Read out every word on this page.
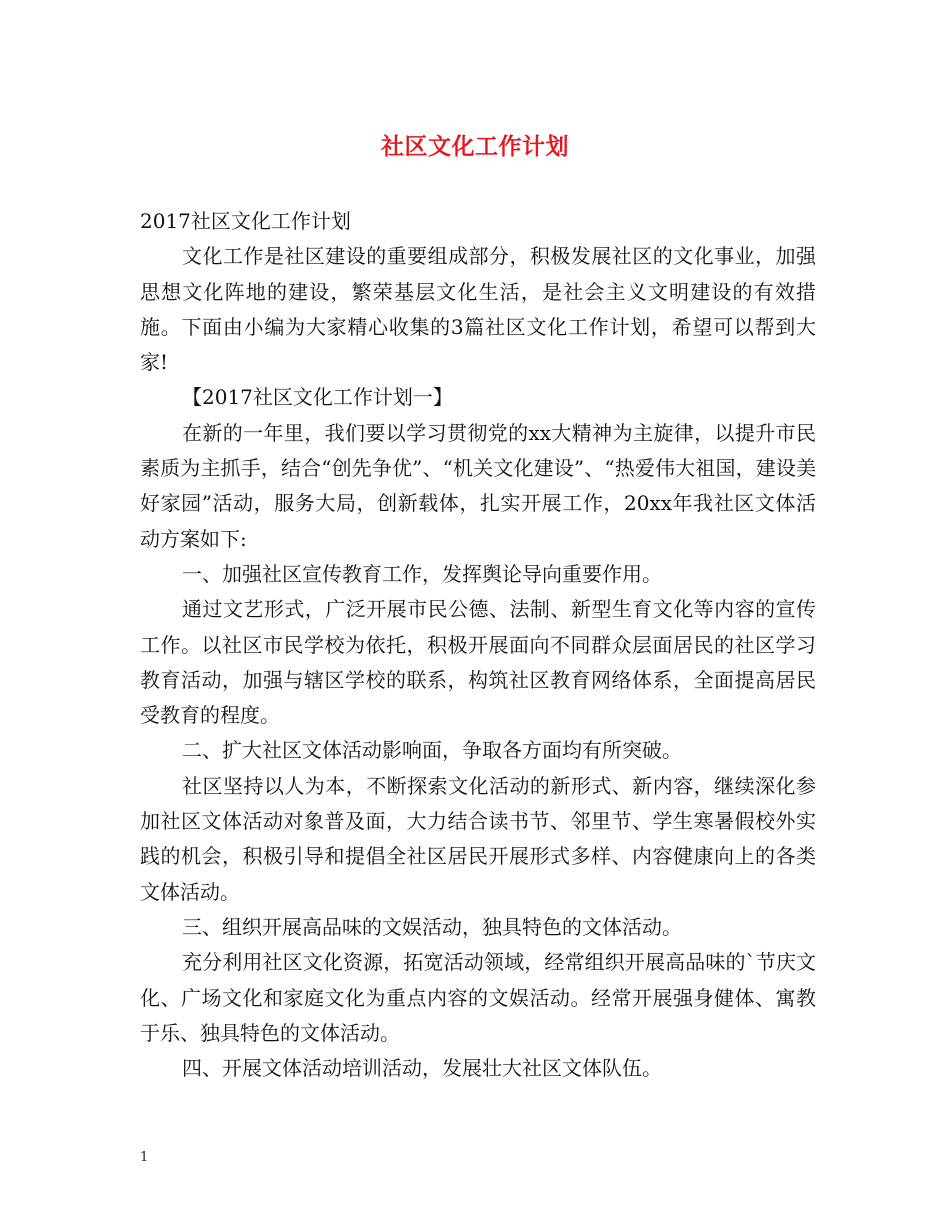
社区文化工作计划

2017社区文化工作计划

文化工作是社区建设的重要组成部分，积极发展社区的文化事业，加强思想文化阵地的建设，繁荣基层文化生活，是社会主义文明建设的有效措施。下面由小编为大家精心收集的3篇社区文化工作计划，希望可以帮到大家!

【2017社区文化工作计划一】

在新的一年里，我们要以学习贯彻党的xx大精神为主旋律，以提升市民素质为主抓手，结合“创先争优”、“机关文化建设”、“热爱伟大祖国，建设美好家园”活动，服务大局，创新载体，扎实开展工作，20xx年我社区文体活动方案如下:

一、加强社区宣传教育工作，发挥舆论导向重要作用。

通过文艺形式，广泛开展市民公德、法制、新型生育文化等内容的宣传工作。以社区市民学校为依托，积极开展面向不同群众层面居民的社区学习教育活动，加强与辖区学校的联系，构筑社区教育网络体系，全面提高居民受教育的程度。

二、扩大社区文体活动影响面，争取各方面均有所突破。

社区坚持以人为本，不断探索文化活动的新形式、新内容，继续深化参加社区文体活动对象普及面，大力结合读书节、邻里节、学生寒暑假校外实践的机会，积极引导和提倡全社区居民开展形式多样、内容健康向上的各类文体活动。

三、组织开展高品味的文娱活动，独具特色的文体活动。

充分利用社区文化资源，拓宽活动领域，经常组织开展高品味的`节庆文化、广场文化和家庭文化为重点内容的文娱活动。经常开展强身健体、寓教于乐、独具特色的文体活动。

四、开展文体活动培训活动，发展壮大社区文体队伍。

1
